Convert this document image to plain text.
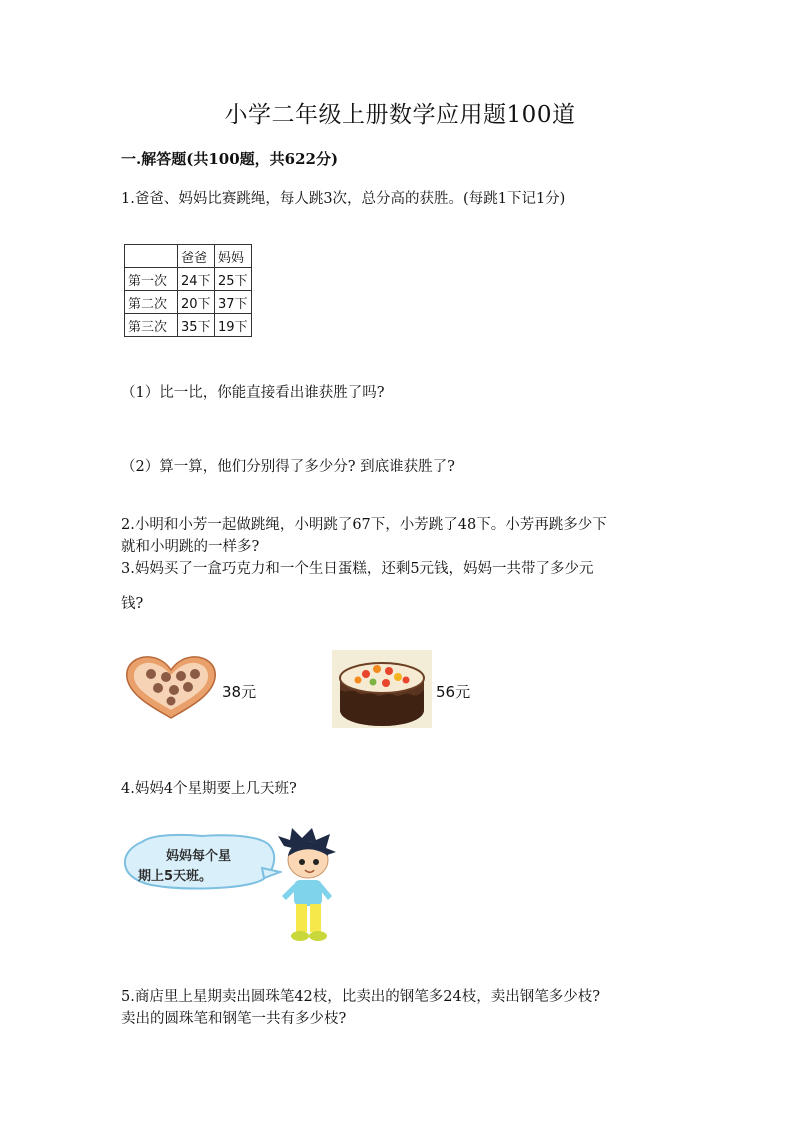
小学二年级上册数学应用题100道
一.解答题(共100题，共622分)
1.爸爸、妈妈比赛跳绳，每人跳3次，总分高的获胜。(每跳1下记1分)
	爸爸	妈妈
第一次	24下	25下
第二次	20下	37下
第三次	35下	19下
（1）比一比，你能直接看出谁获胜了吗?
（2）算一算，他们分别得了多少分? 到底谁获胜了?
2.小明和小芳一起做跳绳，小明跳了67下，小芳跳了48下。小芳再跳多少下
就和小明跳的一样多?
3.妈妈买了一盒巧克力和一个生日蛋糕，还剩5元钱，妈妈一共带了多少元
钱?
38元	56元
4.妈妈4个星期要上几天班?
妈妈每个星
期上5天班。
5.商店里上星期卖出圆珠笔42枝，比卖出的钢笔多24枝，卖出钢笔多少枝?
卖出的圆珠笔和钢笔一共有多少枝?
